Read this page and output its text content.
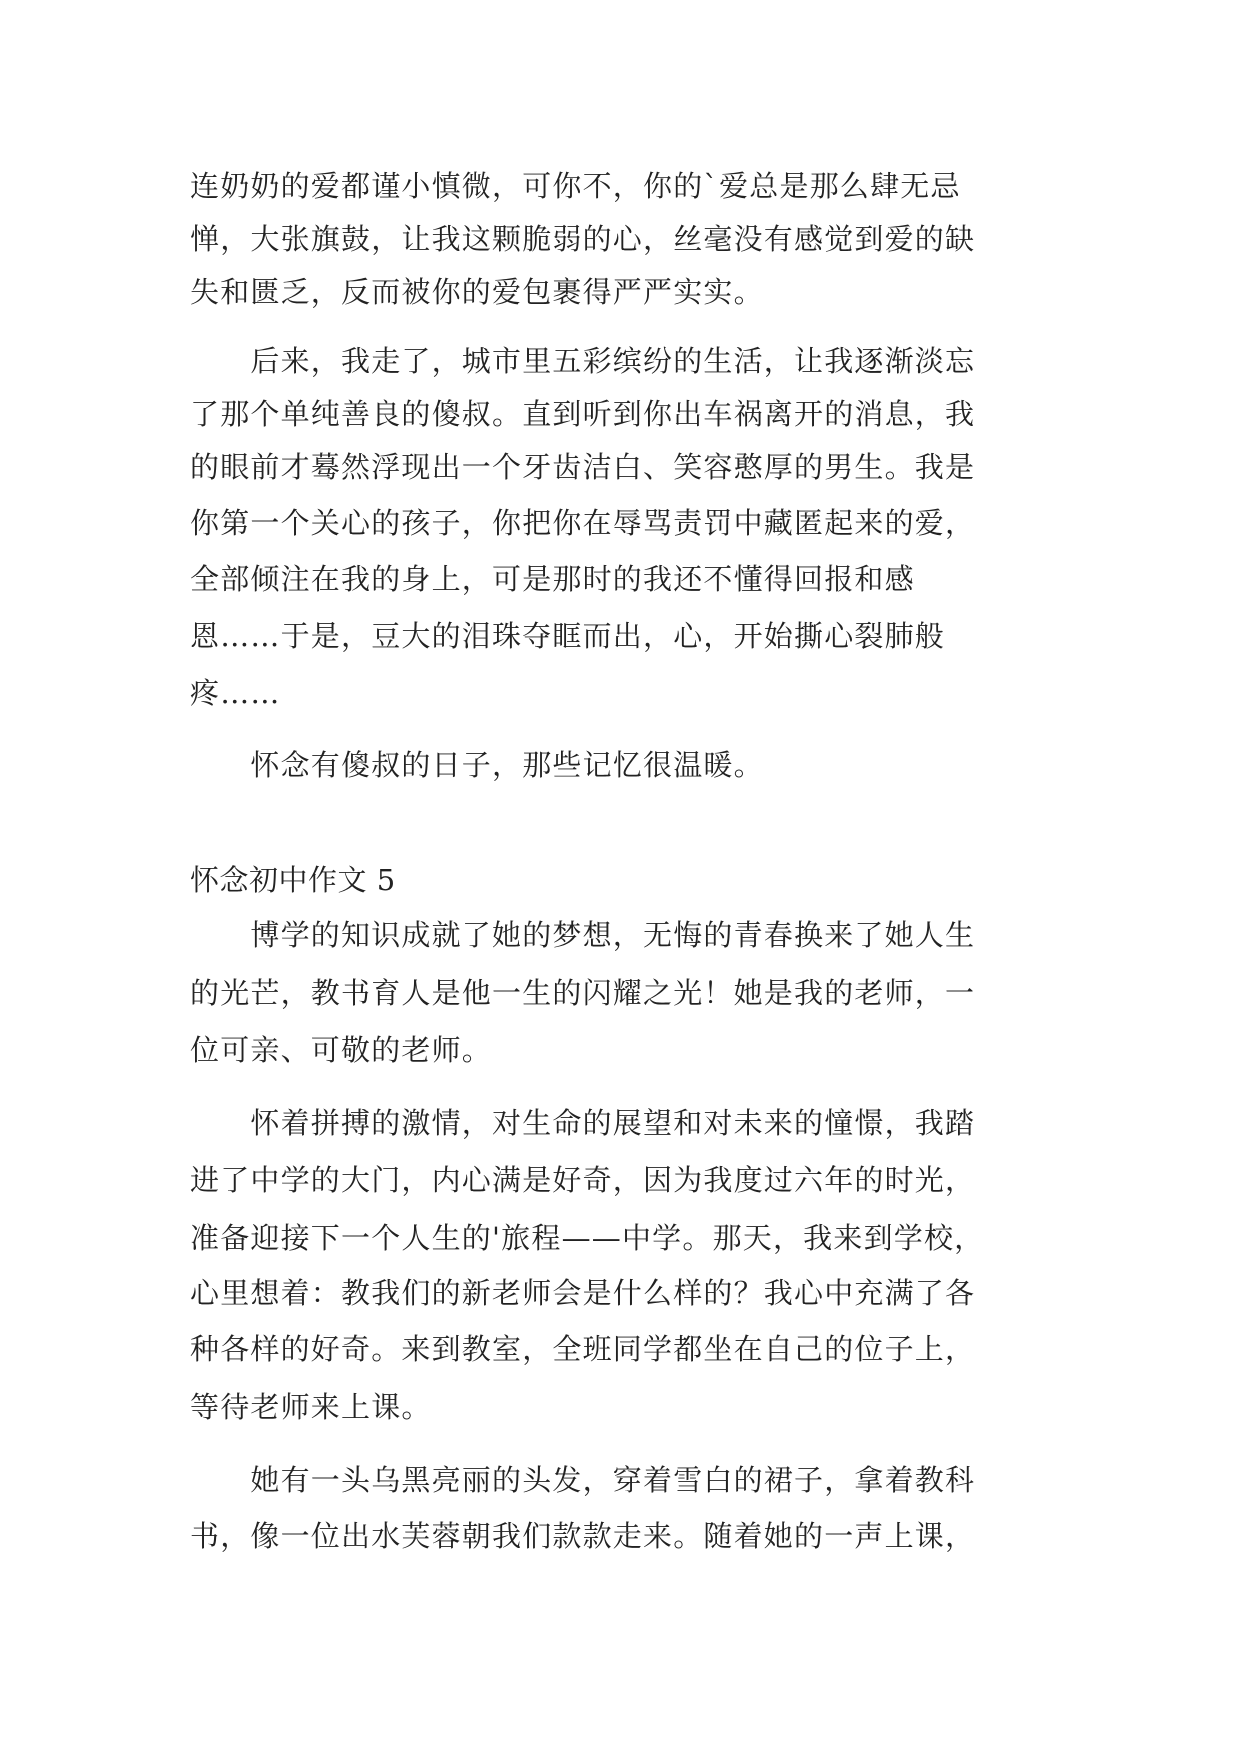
连奶奶的爱都谨小慎微，可你不，你的`爱总是那么肆无忌
惮，大张旗鼓，让我这颗脆弱的心，丝毫没有感觉到爱的缺
失和匮乏，反而被你的爱包裹得严严实实。
　　后来，我走了，城市里五彩缤纷的生活，让我逐渐淡忘
了那个单纯善良的傻叔。直到听到你出车祸离开的消息，我
的眼前才蓦然浮现出一个牙齿洁白、笑容憨厚的男生。我是
你第一个关心的孩子，你把你在辱骂责罚中藏匿起来的爱，
全部倾注在我的身上，可是那时的我还不懂得回报和感
恩……于是，豆大的泪珠夺眶而出，心，开始撕心裂肺般
疼……
　　怀念有傻叔的日子，那些记忆很温暖。
怀念初中作文 5
　　博学的知识成就了她的梦想，无悔的青春换来了她人生
的光芒，教书育人是他一生的闪耀之光！她是我的老师，一
位可亲、可敬的老师。
　　怀着拼搏的激情，对生命的展望和对未来的憧憬，我踏
进了中学的大门，内心满是好奇，因为我度过六年的时光，
准备迎接下一个人生的'旅程——中学。那天，我来到学校，
心里想着：教我们的新老师会是什么样的？我心中充满了各
种各样的好奇。来到教室，全班同学都坐在自己的位子上，
等待老师来上课。
　　她有一头乌黑亮丽的头发，穿着雪白的裙子，拿着教科
书，像一位出水芙蓉朝我们款款走来。随着她的一声上课，
